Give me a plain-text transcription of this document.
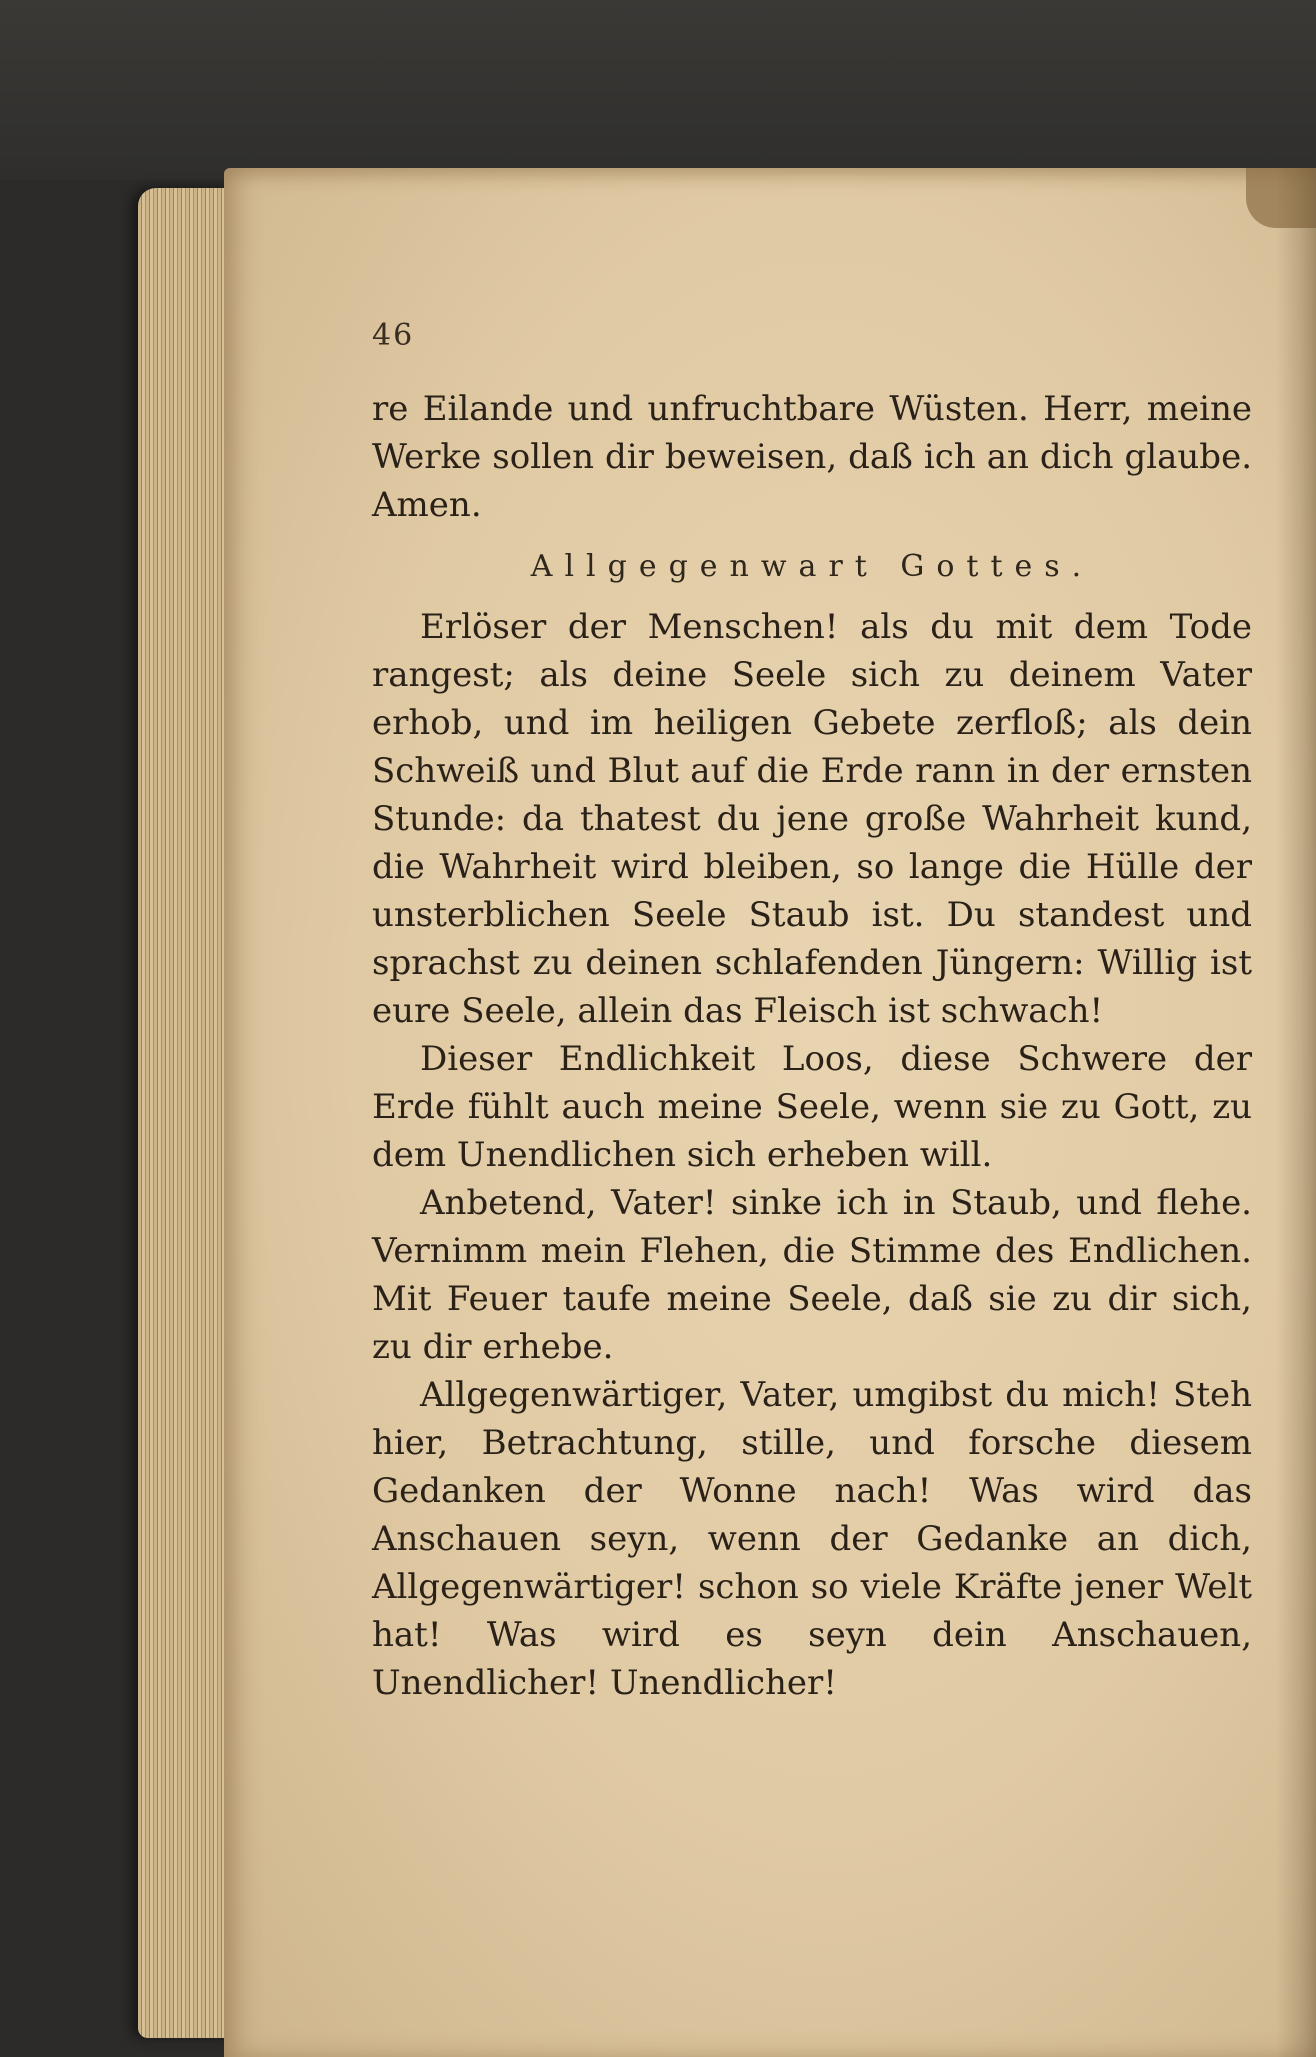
46

re Eilande und unfruchtbare Wüsten. Herr, meine Werke sollen dir beweisen, daß ich an dich glaube. Amen.

Allgegenwart Gottes.

Erlöser der Menschen! als du mit dem Tode rangest; als deine Seele sich zu deinem Vater erhob, und im heiligen Gebete zerfloß; als dein Schweiß und Blut auf die Erde rann in der ernsten Stunde: da thatest du jene große Wahrheit kund, die Wahrheit wird bleiben, so lange die Hülle der unsterblichen Seele Staub ist. Du standest und sprachst zu deinen schlafenden Jüngern: Willig ist eure Seele, allein das Fleisch ist schwach!

Dieser Endlichkeit Loos, diese Schwere der Erde fühlt auch meine Seele, wenn sie zu Gott, zu dem Unendlichen sich erheben will.

Anbetend, Vater! sinke ich in Staub, und flehe. Vernimm mein Flehen, die Stimme des Endlichen. Mit Feuer taufe meine Seele, daß sie zu dir sich, zu dir erhebe.

Allgegenwärtiger, Vater, umgibst du mich! Steh hier, Betrachtung, stille, und forsche diesem Gedanken der Wonne nach! Was wird das Anschauen seyn, wenn der Gedanke an dich, Allgegenwärtiger! schon so viele Kräfte jener Welt hat! Was wird es seyn dein Anschauen, Unendlicher! Unendlicher!
